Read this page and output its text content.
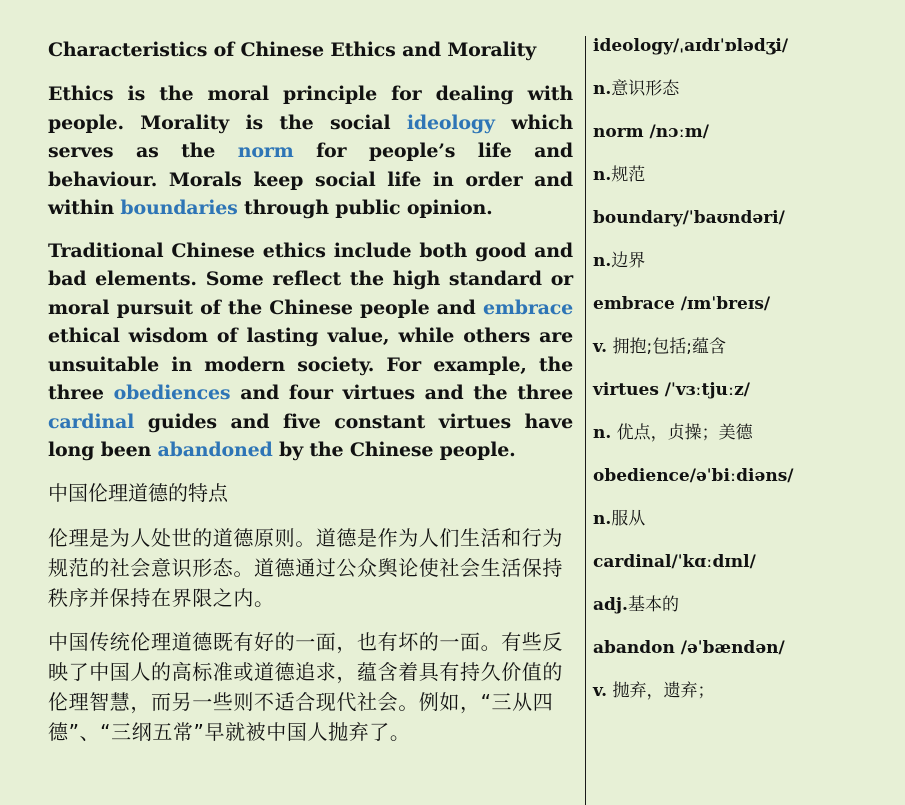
Characteristics of Chinese Ethics and Morality

Ethics is the moral principle for dealing with people. Morality is the social ideology which serves as the norm for people’s life and behaviour. Morals keep social life in order and within boundaries through public opinion.

Traditional Chinese ethics include both good and bad elements. Some reflect the high standard or moral pursuit of the Chinese people and embrace ethical wisdom of lasting value, while others are unsuitable in modern society. For example, the three obediences and four virtues and the three cardinal guides and five constant virtues have long been abandoned by the Chinese people.

中国伦理道德的特点

伦理是为人处世的道德原则。道德是作为人们生活和行为规范的社会意识形态。道德通过公众舆论使社会生活保持秩序并保持在界限之内。

中国传统伦理道德既有好的一面，也有坏的一面。有些反映了中国人的高标准或道德追求，蕴含着具有持久价值的伦理智慧，而另一些则不适合现代社会。例如，“三从四德”、“三纲五常”早就被中国人抛弃了。

ideology/ˌaɪdɪˈɒlədʒi/
n.意识形态
norm /nɔːm/
n.规范
boundary/ˈbaʊndəri/
n.边界
embrace /ɪmˈbreɪs/
v. 拥抱;包括;蕴含
virtues /ˈvɜːtjuːz/
n. 优点，贞操；美德
obedience/əˈbiːdiəns/
n.服从
cardinal/ˈkɑːdɪnl/
adj.基本的
abandon /əˈbændən/
v. 抛弃，遗弃；
